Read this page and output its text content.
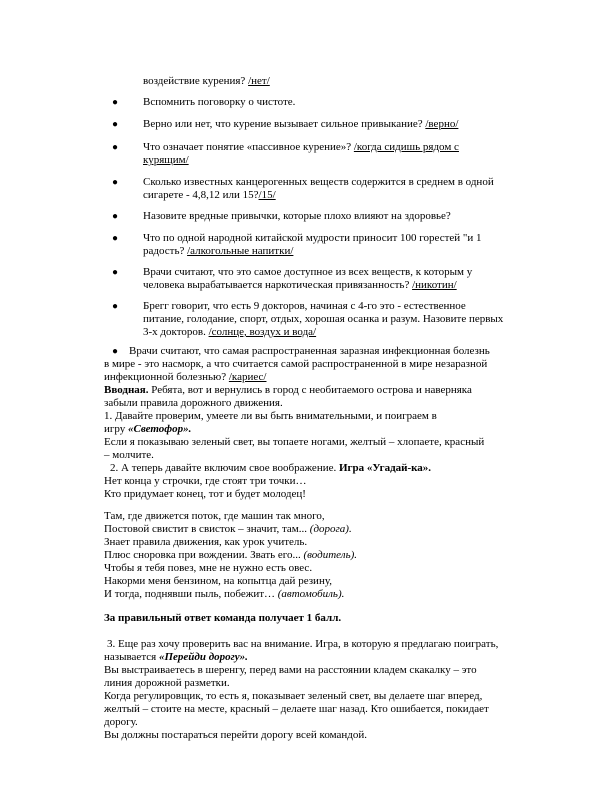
воздействие курения? /нет/
● Вспомнить поговорку о чистоте.
● Верно или нет, что курение вызывает сильное привыкание? /верно/
● Что означает понятие «пассивное курение»? /когда сидишь рядом с
курящим/
● Сколько известных канцерогенных веществ содержится в среднем в одной
сигарете - 4,8,12 или 15?/15/
● Назовите вредные привычки, которые плохо влияют на здоровье?
● Что по одной народной китайской мудрости приносит 100 горестей "и 1
радость? /алкогольные напитки/
● Врачи считают, что это самое доступное из всех веществ, к которым у
человека вырабатывается наркотическая привязанность? /никотин/
● Брегг говорит, что есть 9 докторов, начиная с 4-го это - естественное
питание, голодание, спорт, отдых, хорошая осанка и разум. Назовите первых
3-х докторов. /солнце, воздух и вода/
● Врачи считают, что самая распространенная заразная инфекционная болезнь
в мире - это насморк, а что считается самой распространенной в мире незаразной
инфекционной болезнью? /кариес/
Вводная. Ребята, вот и вернулись в город с необитаемого острова и наверняка
забыли правила дорожного движения.
1. Давайте проверим, умеете ли вы быть внимательными, и поиграем в
игру «Светофор».
Если я показываю зеленый свет, вы топаете ногами, желтый – хлопаете, красный
– молчите.
2. А теперь давайте включим свое воображение. Игра «Угадай-ка».
Нет конца у строчки, где стоят три точки…
Кто придумает конец, тот и будет молодец!
Там, где движется поток, где машин так много,
Постовой свистит в свисток – значит, там... (дорога).
Знает правила движения, как урок учитель.
Плюс сноровка при вождении. Звать его... (водитель).
Чтобы я тебя повез, мне не нужно есть овес.
Накорми меня бензином, на копытца дай резину,
И тогда, поднявши пыль, побежит… (автомобиль).
За правильный ответ команда получает 1 балл.
3. Еще раз хочу проверить вас на внимание. Игра, в которую я предлагаю поиграть,
называется «Перейди дорогу».
Вы выстраиваетесь в шеренгу, перед вами на расстоянии кладем скакалку – это
линия дорожной разметки.
Когда регулировщик, то есть я, показывает зеленый свет, вы делаете шаг вперед,
желтый – стоите на месте, красный – делаете шаг назад. Кто ошибается, покидает
дорогу.
Вы должны постараться перейти дорогу всей командой.
